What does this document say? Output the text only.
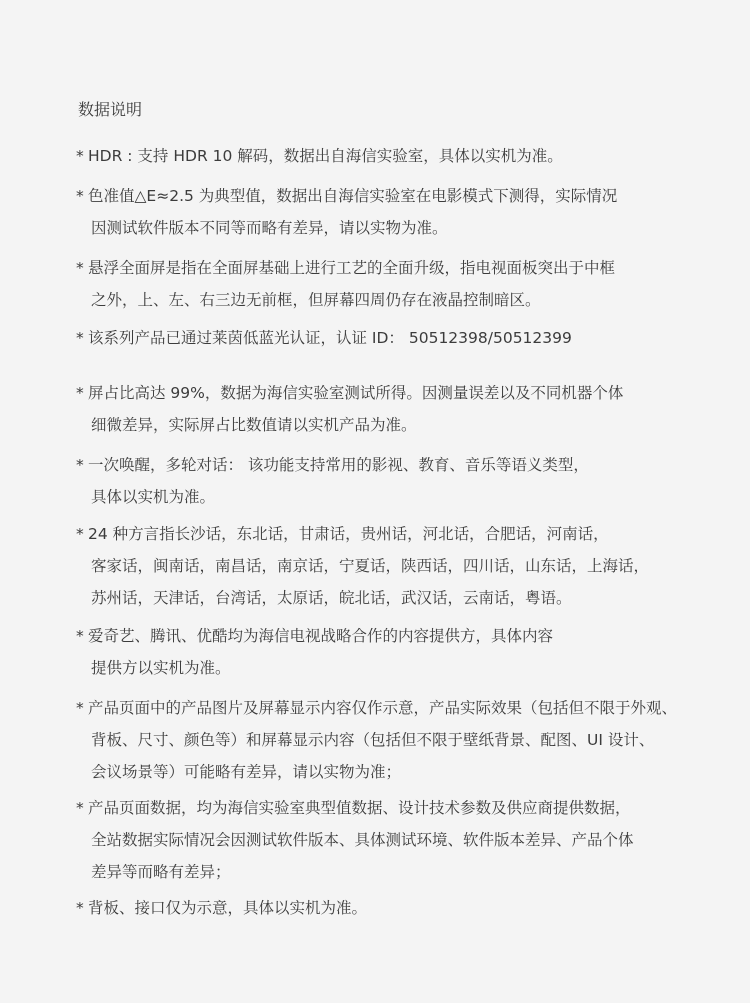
数据说明
* HDR : 支持 HDR 10 解码，数据出自海信实验室，具体以实机为准。
* 色准值△E≈2.5 为典型值，数据出自海信实验室在电影模式下测得，实际情况
因测试软件版本不同等而略有差异，请以实物为准。
* 悬浮全面屏是指在全面屏基础上进行工艺的全面升级，指电视面板突出于中框
之外，上、左、右三边无前框，但屏幕四周仍存在液晶控制暗区。
* 该系列产品已通过莱茵低蓝光认证，认证 ID： 50512398/50512399
* 屏占比高达 99%，数据为海信实验室测试所得。因测量误差以及不同机器个体
细微差异，实际屏占比数值请以实机产品为准。
* 一次唤醒，多轮对话： 该功能支持常用的影视、教育、音乐等语义类型，
具体以实机为准。
* 24 种方言指长沙话，东北话，甘肃话，贵州话，河北话，合肥话，河南话，
客家话，闽南话，南昌话，南京话，宁夏话，陕西话，四川话，山东话，上海话，
苏州话，天津话，台湾话，太原话，皖北话，武汉话，云南话，粤语。
* 爱奇艺、腾讯、优酷均为海信电视战略合作的内容提供方，具体内容
提供方以实机为准。
* 产品页面中的产品图片及屏幕显示内容仅作示意，产品实际效果（包括但不限于外观、
背板、尺寸、颜色等）和屏幕显示内容（包括但不限于壁纸背景、配图、UI 设计、
会议场景等）可能略有差异，请以实物为准；
* 产品页面数据，均为海信实验室典型值数据、设计技术参数及供应商提供数据，
全站数据实际情况会因测试软件版本、具体测试环境、软件版本差异、产品个体
差异等而略有差异；
* 背板、接口仅为示意，具体以实机为准。
